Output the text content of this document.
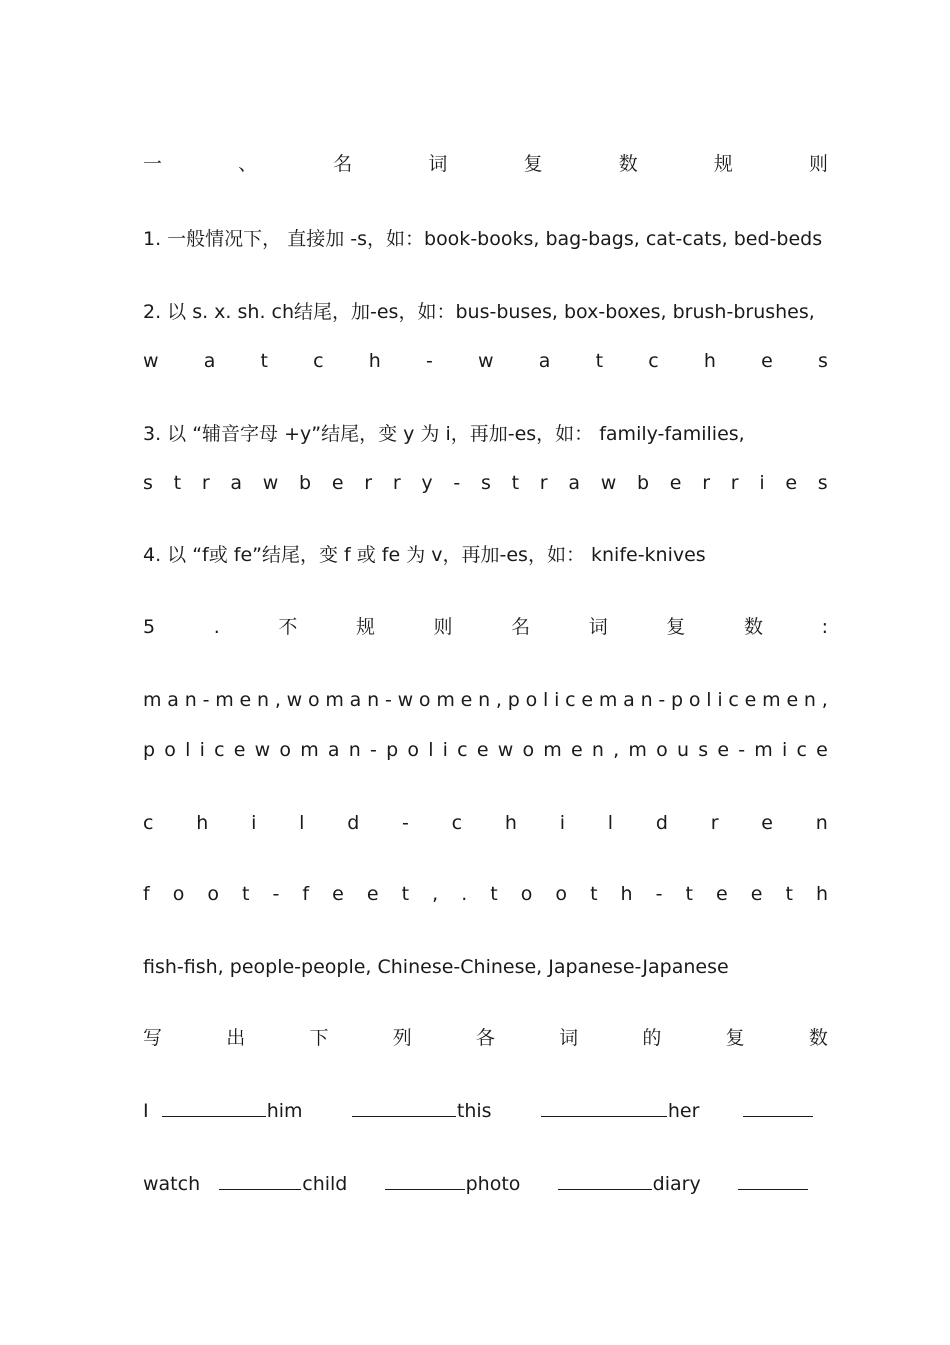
一	、	名	词	复	数	规	则
1. 一般情况下， 直接加 -s，如：book-books, bag-bags, cat-cats, bed-beds
2. 以 s. x. sh. ch结尾，加-es，如：bus-buses, box-boxes, brush-brushes,
w a t c h - w a t c h e s
3. 以 “辅音字母 +y”结尾，变 y 为 i，再加-es，如： family-families,
s t r a w b e r r y - s t r a w b e r r i e s
4. 以 “f或 fe”结尾，变 f 或 fe 为 v，再加-es，如： knife-knives
5	.	不	规	则	名	词	复	数	:
m a n - m e n , w o m a n - w o m e n , p o l i c e m a n - p o l i c e m e n ,
p o l i c e w o m a n - p o l i c e w o m e n , m o u s e - m i c e
c h i l d - c h i l d r e n
f o o t - f e e t , . t o o t h - t e e t h
fish-fish, people-people, Chinese-Chinese, Japanese-Japanese
写	出	下	列	各	词	的	复	数
I
	him
	this
	her

watch
	child
	photo
	diary
